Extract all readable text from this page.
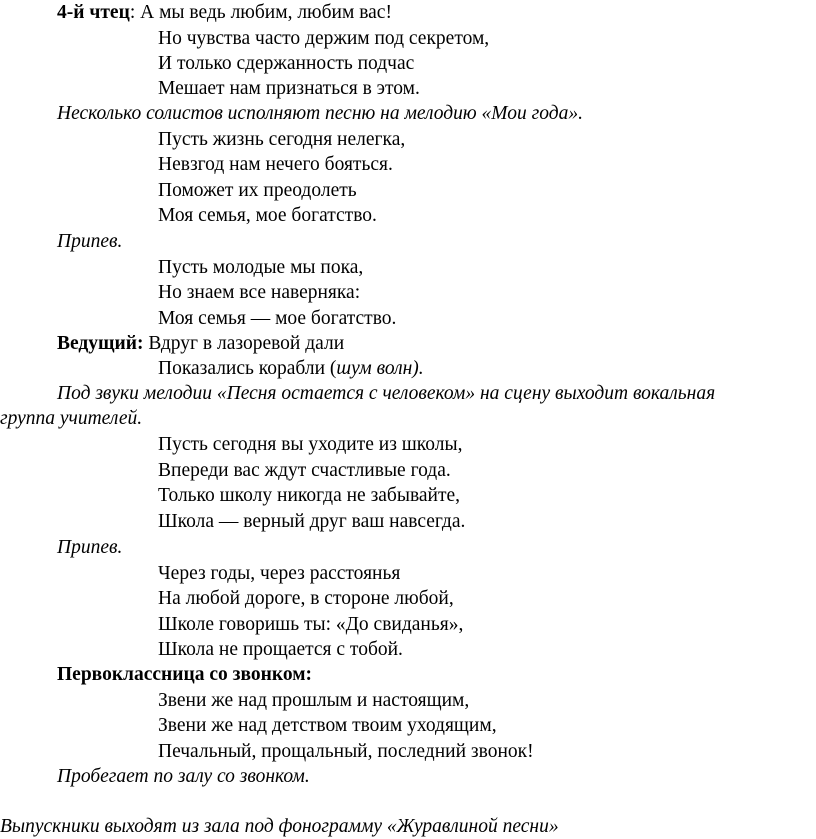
4-й чтец: А мы ведь любим, любим вас!
Но чувства часто держим под секретом,
И только сдержанность подчас
Мешает нам признаться в этом.
Несколько солистов исполняют песню на мелодию «Мои года».
Пусть жизнь сегодня нелегка,
Невзгод нам нечего бояться.
Поможет их преодолеть
Моя семья, мое богатство.
Припев.
Пусть молодые мы пока,
Но знаем все наверняка:
Моя семья — мое богатство.
Ведущий: Вдруг в лазоревой дали
Показались корабли (шум волн).
Под звуки мелодии «Песня остается с человеком» на сцену выходит вокальная
группа учителей.
Пусть сегодня вы уходите из школы,
Впереди вас ждут счастливые года.
Только школу никогда не забывайте,
Школа — верный друг ваш навсегда.
Припев.
Через годы, через расстоянья
На любой дороге, в стороне любой,
Школе говоришь ты: «До свиданья»,
Школа не прощается с тобой.
Первоклассница со звонком:
Звени же над прошлым и настоящим,
Звени же над детством твоим уходящим,
Печальный, прощальный, последний звонок!
Пробегает по залу со звонком.
Выпускники выходят из зала под фонограмму «Журавлиной песни»
